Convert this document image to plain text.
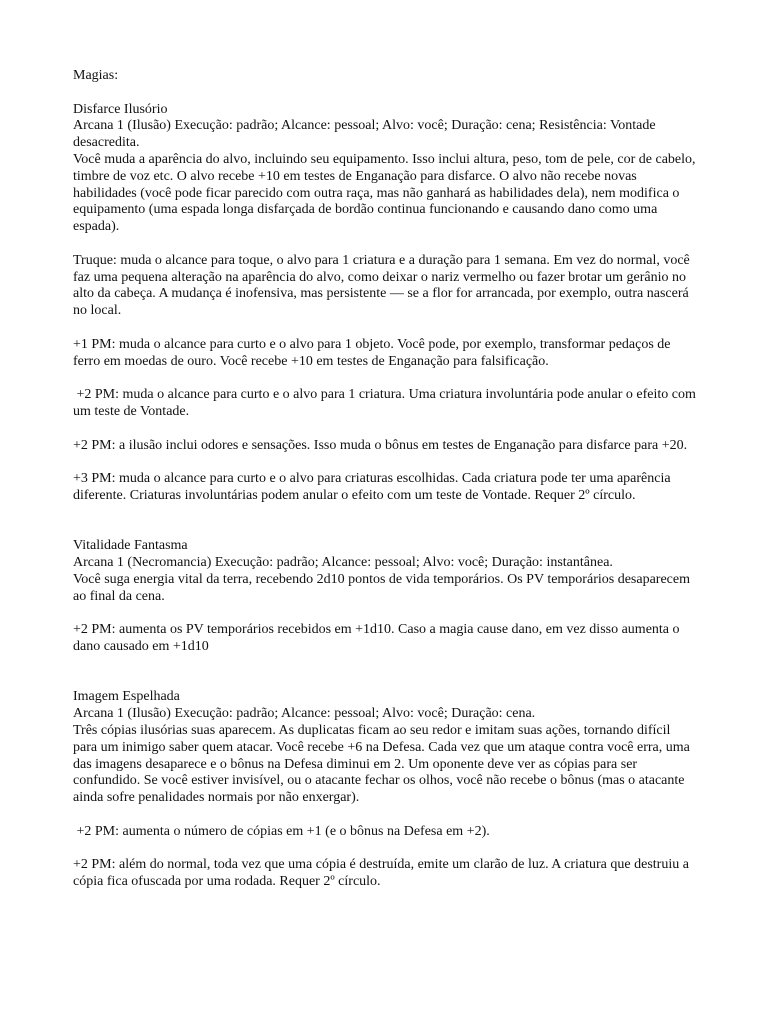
Magias:
Disfarce Ilusório
Arcana 1 (Ilusão) Execução: padrão; Alcance: pessoal; Alvo: você; Duração: cena; Resistência: Vontade desacredita.
Você muda a aparência do alvo, incluindo seu equipamento. Isso inclui altura, peso, tom de pele, cor de cabelo, timbre de voz etc. O alvo recebe +10 em testes de Enganação para disfarce. O alvo não recebe novas habilidades (você pode ficar parecido com outra raça, mas não ganhará as habilidades dela), nem modifica o equipamento (uma espada longa disfarçada de bordão continua funcionando e causando dano como uma espada).
Truque: muda o alcance para toque, o alvo para 1 criatura e a duração para 1 semana. Em vez do normal, você faz uma pequena alteração na aparência do alvo, como deixar o nariz vermelho ou fazer brotar um gerânio no alto da cabeça. A mudança é inofensiva, mas persistente — se a flor for arrancada, por exemplo, outra nascerá no local.
+1 PM: muda o alcance para curto e o alvo para 1 objeto. Você pode, por exemplo, transformar pedaços de ferro em moedas de ouro. Você recebe +10 em testes de Enganação para falsificação.
+2 PM: muda o alcance para curto e o alvo para 1 criatura. Uma criatura involuntária pode anular o efeito com um teste de Vontade.
+2 PM: a ilusão inclui odores e sensações. Isso muda o bônus em testes de Enganação para disfarce para +20.
+3 PM: muda o alcance para curto e o alvo para criaturas escolhidas. Cada criatura pode ter uma aparência diferente. Criaturas involuntárias podem anular o efeito com um teste de Vontade. Requer 2º círculo.
Vitalidade Fantasma
Arcana 1 (Necromancia) Execução: padrão; Alcance: pessoal; Alvo: você; Duração: instantânea.
Você suga energia vital da terra, recebendo 2d10 pontos de vida temporários. Os PV temporários desaparecem ao final da cena.
+2 PM: aumenta os PV temporários recebidos em +1d10. Caso a magia cause dano, em vez disso aumenta o dano causado em +1d10
Imagem Espelhada
Arcana 1 (Ilusão) Execução: padrão; Alcance: pessoal; Alvo: você; Duração: cena.
Três cópias ilusórias suas aparecem. As duplicatas ficam ao seu redor e imitam suas ações, tornando difícil para um inimigo saber quem atacar. Você recebe +6 na Defesa. Cada vez que um ataque contra você erra, uma das imagens desaparece e o bônus na Defesa diminui em 2. Um oponente deve ver as cópias para ser confundido. Se você estiver invisível, ou o atacante fechar os olhos, você não recebe o bônus (mas o atacante ainda sofre penalidades normais por não enxergar).
+2 PM: aumenta o número de cópias em +1 (e o bônus na Defesa em +2).
+2 PM: além do normal, toda vez que uma cópia é destruída, emite um clarão de luz. A criatura que destruiu a cópia fica ofuscada por uma rodada. Requer 2º círculo.
